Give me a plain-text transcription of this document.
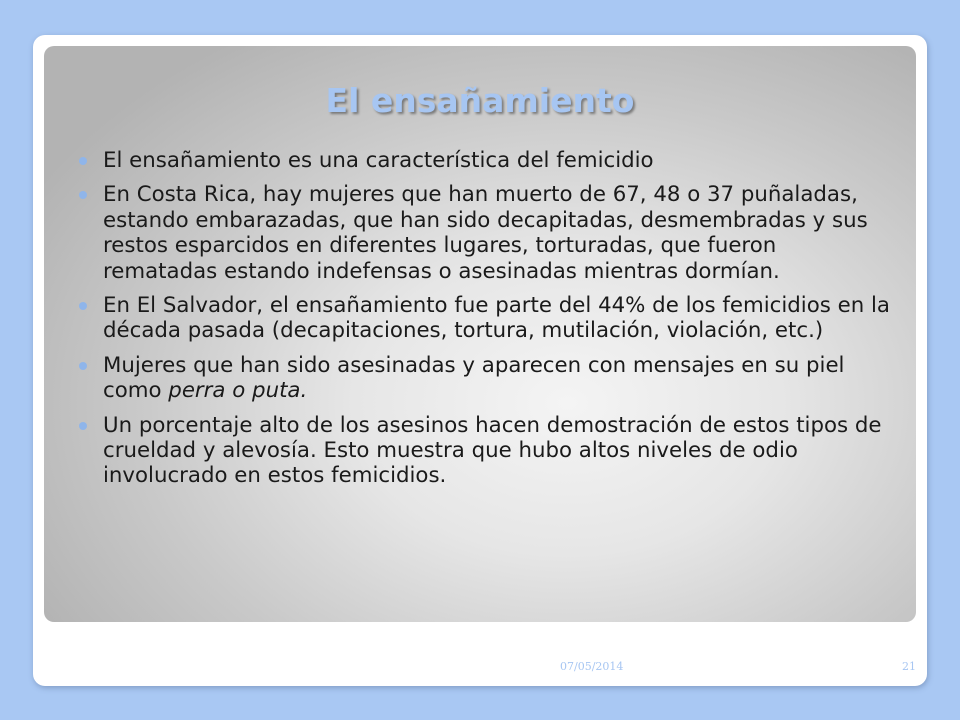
El ensañamiento
El ensañamiento es una característica del femicidio
En Costa Rica, hay mujeres que han muerto de 67, 48 o 37 puñaladas, estando embarazadas, que han sido decapitadas, desmembradas y sus restos esparcidos en diferentes lugares, torturadas, que fueron rematadas estando indefensas o asesinadas mientras dormían.
En El Salvador, el ensañamiento fue parte del 44% de los femicidios en la década pasada (decapitaciones, tortura, mutilación, violación, etc.)
Mujeres que han sido asesinadas y aparecen con mensajes en su piel como perra o puta.
Un porcentaje alto de los asesinos hacen demostración de estos tipos de crueldad y alevosía. Esto muestra que hubo altos niveles de odio involucrado en estos femicidios.
07/05/2014	21
